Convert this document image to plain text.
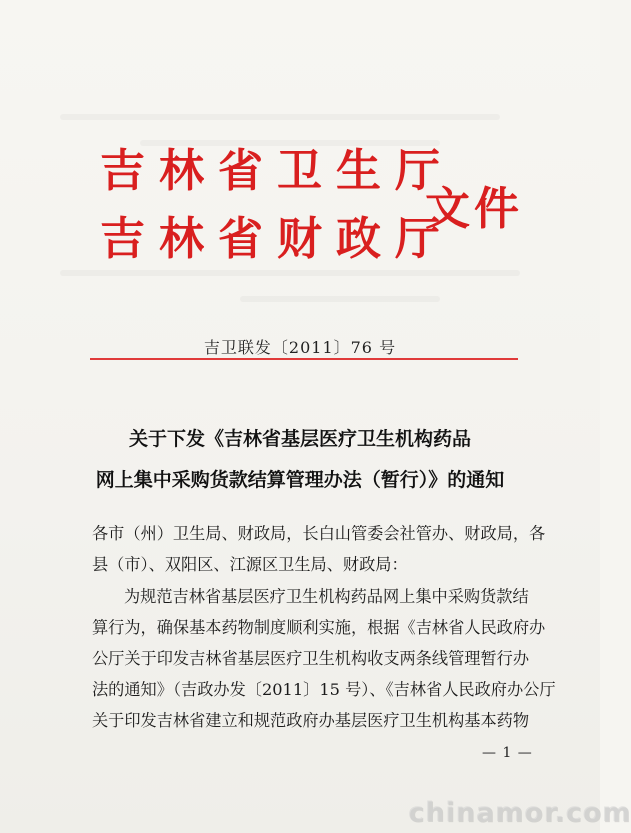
吉林省卫生厅
吉林省财政厅
文件
吉卫联发〔2011〕76 号
关于下发《吉林省基层医疗卫生机构药品
网上集中采购货款结算管理办法（暂行）》的通知
各市（州）卫生局、财政局，长白山管委会社管办、财政局，各
县（市）、双阳区、江源区卫生局、财政局：
为规范吉林省基层医疗卫生机构药品网上集中采购货款结
算行为，确保基本药物制度顺利实施，根据《吉林省人民政府办
公厅关于印发吉林省基层医疗卫生机构收支两条线管理暂行办
法的通知》（吉政办发〔2011〕15 号）、《吉林省人民政府办公厅
关于印发吉林省建立和规范政府办基层医疗卫生机构基本药物
— 1 —
chinamor.com
